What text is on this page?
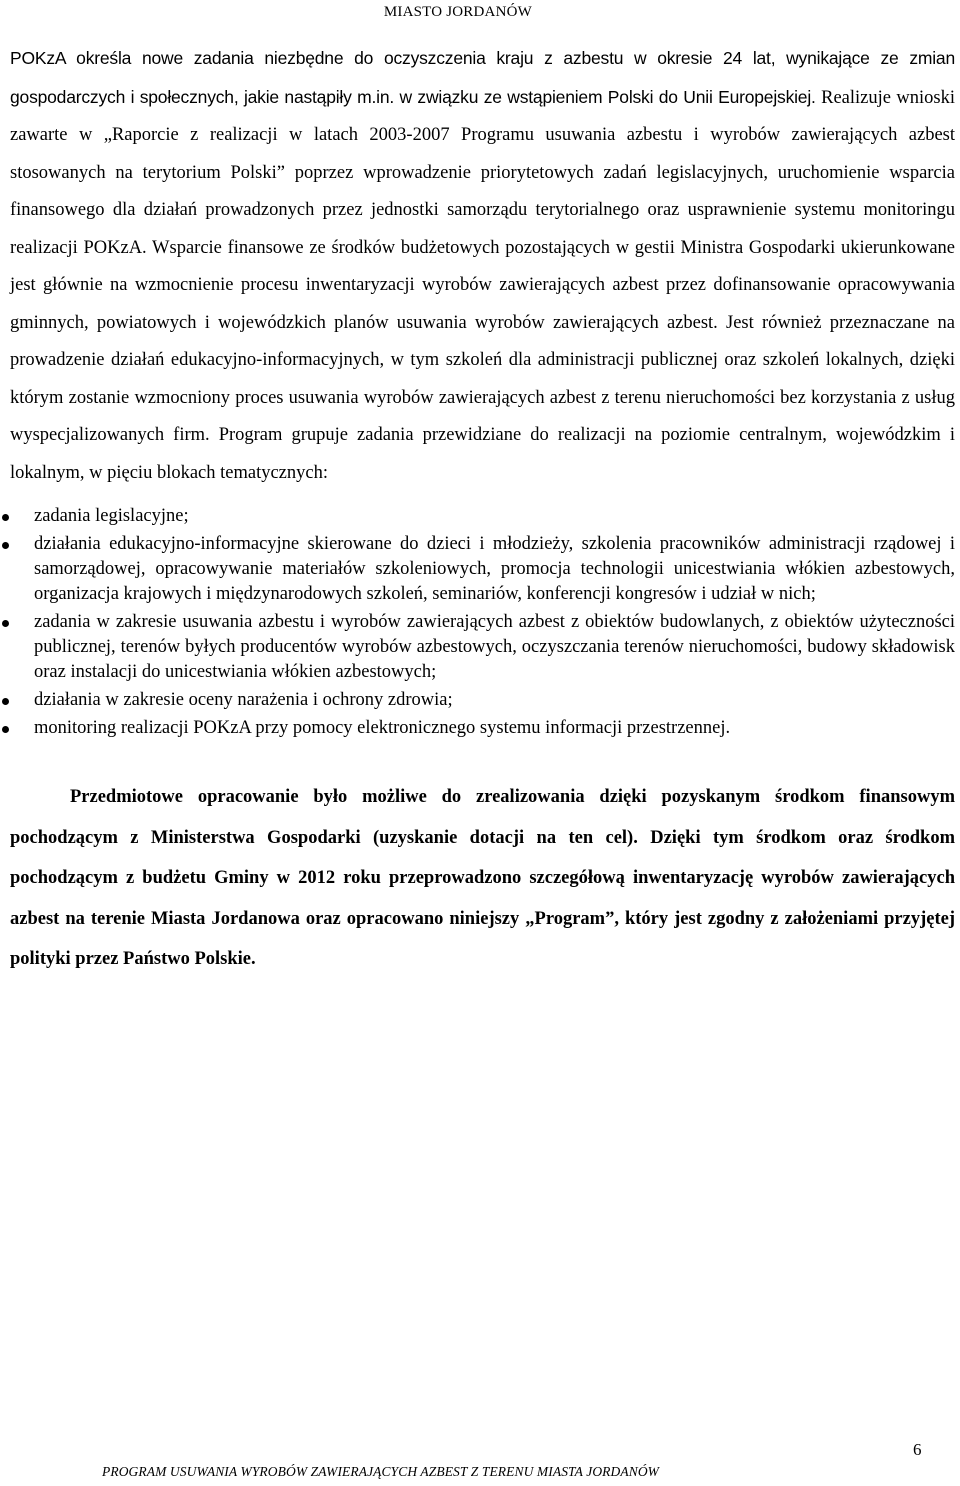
MIASTO JORDANÓW

POKzA określa nowe zadania niezbędne do oczyszczenia kraju z azbestu w okresie 24 lat, wynikające ze zmian gospodarczych i społecznych, jakie nastąpiły m.in. w związku ze wstąpieniem Polski do Unii Europejskiej. Realizuje wnioski zawarte w „Raporcie z realizacji w latach 2003-2007 Programu usuwania azbestu i wyrobów zawierających azbest stosowanych na terytorium Polski” poprzez wprowadzenie priorytetowych zadań legislacyjnych, uruchomienie wsparcia finansowego dla działań prowadzonych przez jednostki samorządu terytorialnego oraz usprawnienie systemu monitoringu realizacji POKzA. Wsparcie finansowe ze środków budżetowych pozostających w gestii Ministra Gospodarki ukierunkowane jest głównie na wzmocnienie procesu inwentaryzacji wyrobów zawierających azbest przez dofinansowanie opracowywania gminnych, powiatowych i wojewódzkich planów usuwania wyrobów zawierających azbest. Jest również przeznaczane na prowadzenie działań edukacyjno-informacyjnych, w tym szkoleń dla administracji publicznej oraz szkoleń lokalnych, dzięki którym zostanie wzmocniony proces usuwania wyrobów zawierających azbest z terenu nieruchomości bez korzystania z usług wyspecjalizowanych firm. Program grupuje zadania przewidziane do realizacji na poziomie centralnym, wojewódzkim i lokalnym, w pięciu blokach tematycznych:

zadania legislacyjne;
działania edukacyjno-informacyjne skierowane do dzieci i młodzieży, szkolenia pracowników administracji rządowej i samorządowej, opracowywanie materiałów szkoleniowych, promocja technologii unicestwiania włókien azbestowych, organizacja krajowych i międzynarodowych szkoleń, seminariów, konferencji kongresów i udział w nich;
zadania w zakresie usuwania azbestu i wyrobów zawierających azbest z obiektów budowlanych, z obiektów użyteczności publicznej, terenów byłych producentów wyrobów azbestowych, oczyszczania terenów nieruchomości, budowy składowisk oraz instalacji do unicestwiania włókien azbestowych;
działania w zakresie oceny narażenia i ochrony zdrowia;
monitoring realizacji POKzA przy pomocy elektronicznego systemu informacji przestrzennej.

Przedmiotowe opracowanie było możliwe do zrealizowania dzięki pozyskanym środkom finansowym pochodzącym z Ministerstwa Gospodarki (uzyskanie dotacji na ten cel). Dzięki tym środkom oraz środkom pochodzącym z budżetu Gminy w 2012 roku przeprowadzono szczegółową inwentaryzację wyrobów zawierających azbest na terenie Miasta Jordanowa oraz opracowano niniejszy „Program”, który jest zgodny z założeniami przyjętej polityki przez Państwo Polskie.

6
PROGRAM USUWANIA WYROBÓW ZAWIERAJĄCYCH AZBEST Z TERENU MIASTA JORDANÓW
